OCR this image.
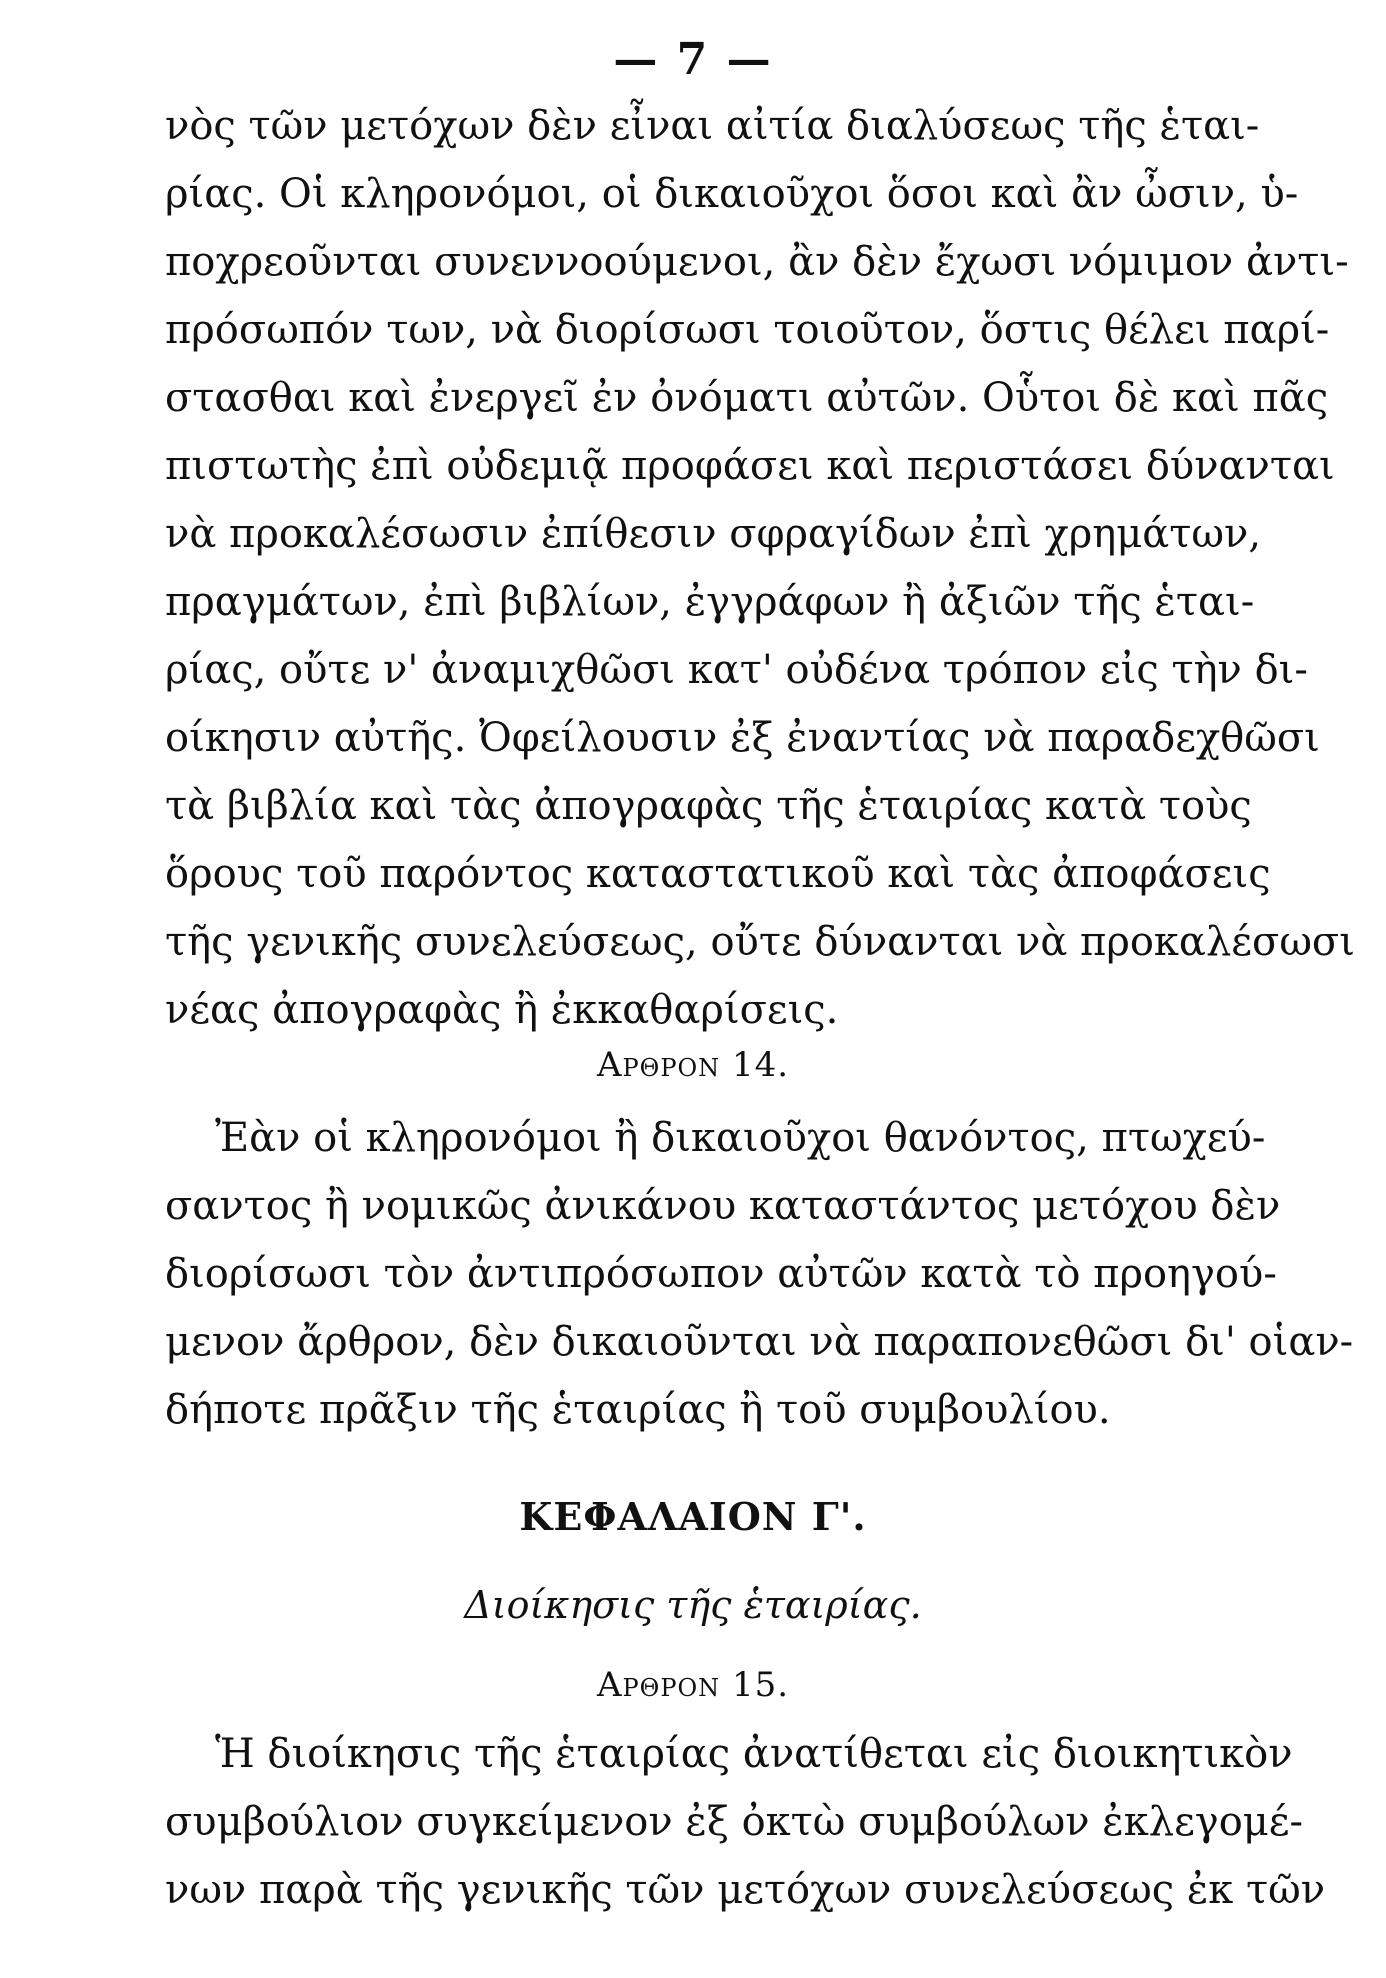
— 7 —
νὸς τῶν μετόχων δὲν εἶναι αἰτία διαλύσεως τῆς ἑται-
ρίας. Οἱ κληρονόμοι, οἱ δικαιοῦχοι ὅσοι καὶ ἂν ὦσιν, ὑ-
ποχρεοῦνται συνεννοούμενοι, ἂν δὲν ἔχωσι νόμιμον ἀντι-
πρόσωπόν των, νὰ διορίσωσι τοιοῦτον, ὅστις θέλει παρί-
στασθαι καὶ ἐνεργεῖ ἐν ὀνόματι αὐτῶν. Οὗτοι δὲ καὶ πᾶς
πιστωτὴς ἐπὶ οὐδεμιᾷ προφάσει καὶ περιστάσει δύνανται
νὰ προκαλέσωσιν ἐπίθεσιν σφραγίδων ἐπὶ χρημάτων,
πραγμάτων, ἐπὶ βιβλίων, ἐγγράφων ἢ ἀξιῶν τῆς ἑται-
ρίας, οὔτε ν' ἀναμιχθῶσι κατ' οὐδένα τρόπον εἰς τὴν δι-
οίκησιν αὐτῆς. Ὀφείλουσιν ἐξ ἐναντίας νὰ παραδεχθῶσι
τὰ βιβλία καὶ τὰς ἀπογραφὰς τῆς ἑταιρίας κατὰ τοὺς
ὅρους τοῦ παρόντος καταστατικοῦ καὶ τὰς ἀποφάσεις
τῆς γενικῆς συνελεύσεως, οὔτε δύνανται νὰ προκαλέσωσι
νέας ἀπογραφὰς ἢ ἐκκαθαρίσεις.
Αρθρον 14.
Ἐὰν οἱ κληρονόμοι ἢ δικαιοῦχοι θανόντος, πτωχεύ-
σαντος ἢ νομικῶς ἀνικάνου καταστάντος μετόχου δὲν
διορίσωσι τὸν ἀντιπρόσωπον αὐτῶν κατὰ τὸ προηγού-
μενον ἄρθρον, δὲν δικαιοῦνται νὰ παραπονεθῶσι δι' οἱαν-
δήποτε πρᾶξιν τῆς ἑταιρίας ἢ τοῦ συμβουλίου.
ΚΕΦΑΛΑΙΟΝ Γ'.
Διοίκησις τῆς ἑταιρίας.
Αρθρον 15.
Ἡ διοίκησις τῆς ἑταιρίας ἀνατίθεται εἰς διοικητικὸν
συμβούλιον συγκείμενον ἐξ ὀκτὼ συμβούλων ἐκλεγομέ-
νων παρὰ τῆς γενικῆς τῶν μετόχων συνελεύσεως ἐκ τῶν
